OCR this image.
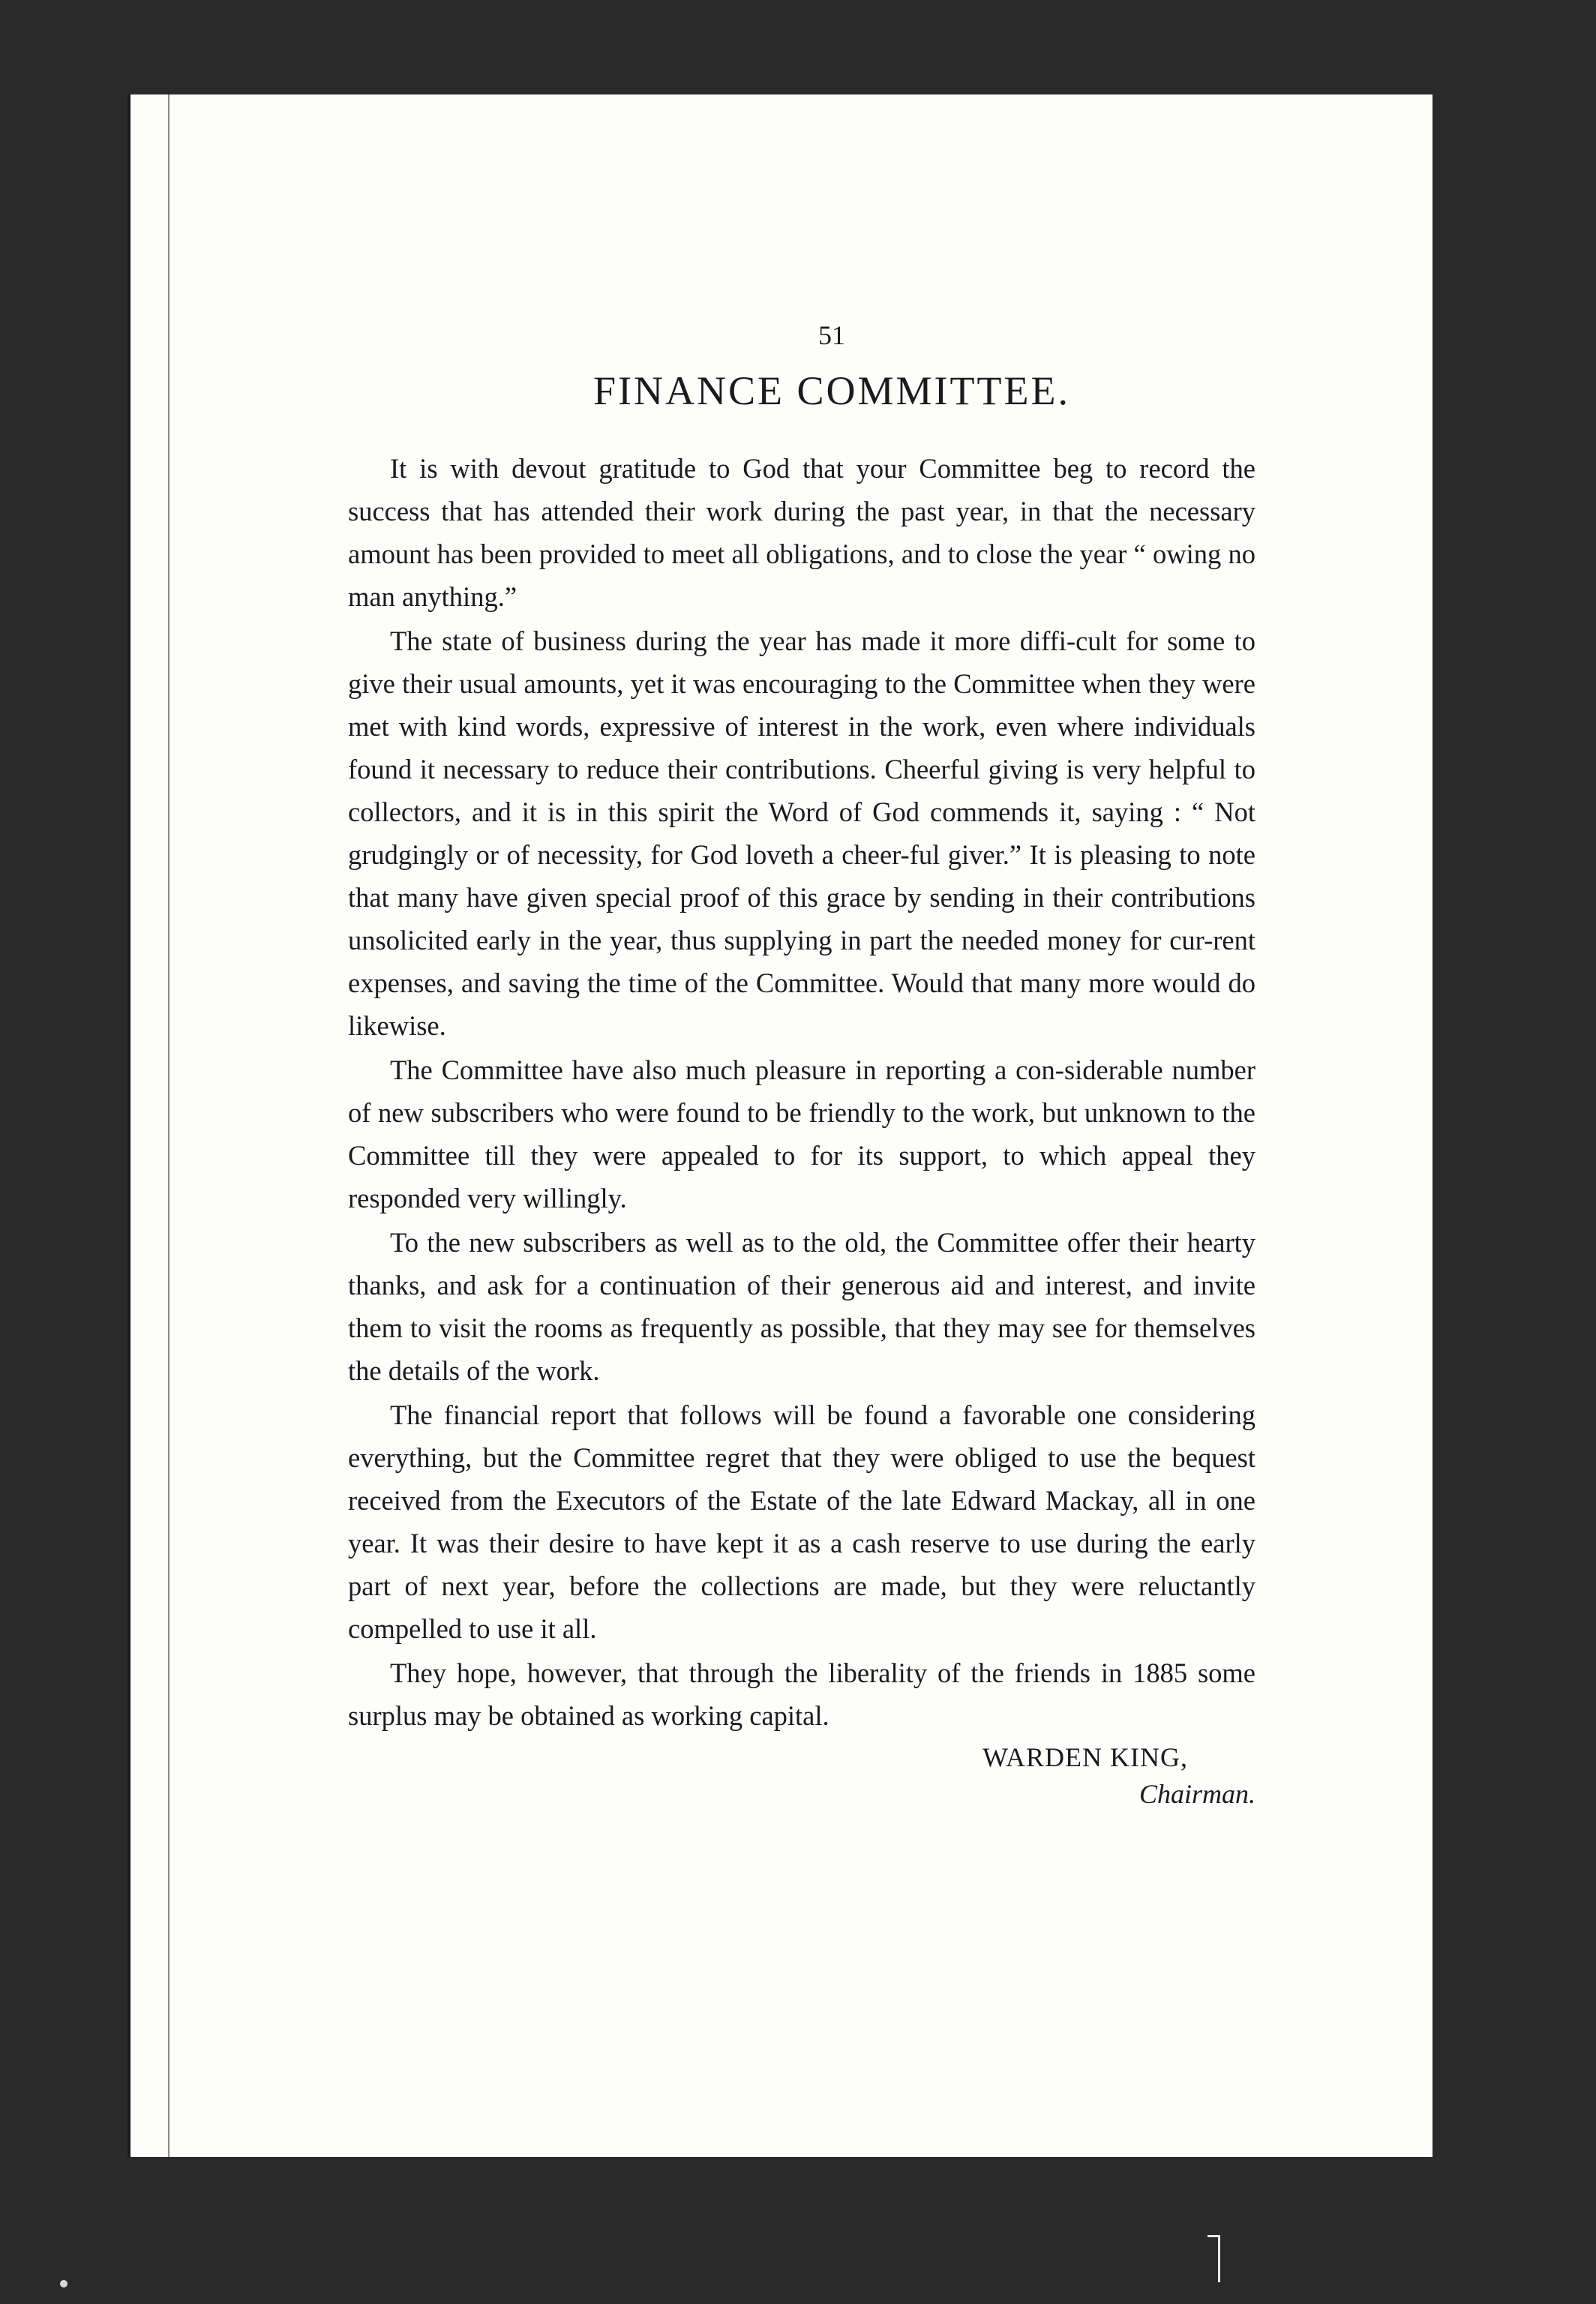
51
FINANCE COMMITTEE.

It is with devout gratitude to God that your Committee beg to record the success that has attended their work during the past year, in that the necessary amount has been provided to meet all obligations, and to close the year “ owing no man anything.”

The state of business during the year has made it more diffi-cult for some to give their usual amounts, yet it was encouraging to the Committee when they were met with kind words, expressive of interest in the work, even where individuals found it necessary to reduce their contributions. Cheerful giving is very helpful to collectors, and it is in this spirit the Word of God commends it, saying : “ Not grudgingly or of necessity, for God loveth a cheer-ful giver.” It is pleasing to note that many have given special proof of this grace by sending in their contributions unsolicited early in the year, thus supplying in part the needed money for cur-rent expenses, and saving the time of the Committee. Would that many more would do likewise.

The Committee have also much pleasure in reporting a con-siderable number of new subscribers who were found to be friendly to the work, but unknown to the Committee till they were appealed to for its support, to which appeal they responded very willingly.

To the new subscribers as well as to the old, the Committee offer their hearty thanks, and ask for a continuation of their generous aid and interest, and invite them to visit the rooms as frequently as possible, that they may see for themselves the details of the work.

The financial report that follows will be found a favorable one considering everything, but the Committee regret that they were obliged to use the bequest received from the Executors of the Estate of the late Edward Mackay, all in one year. It was their desire to have kept it as a cash reserve to use during the early part of next year, before the collections are made, but they were reluctantly compelled to use it all.

They hope, however, that through the liberality of the friends in 1885 some surplus may be obtained as working capital.

WARDEN KING,
Chairman.
